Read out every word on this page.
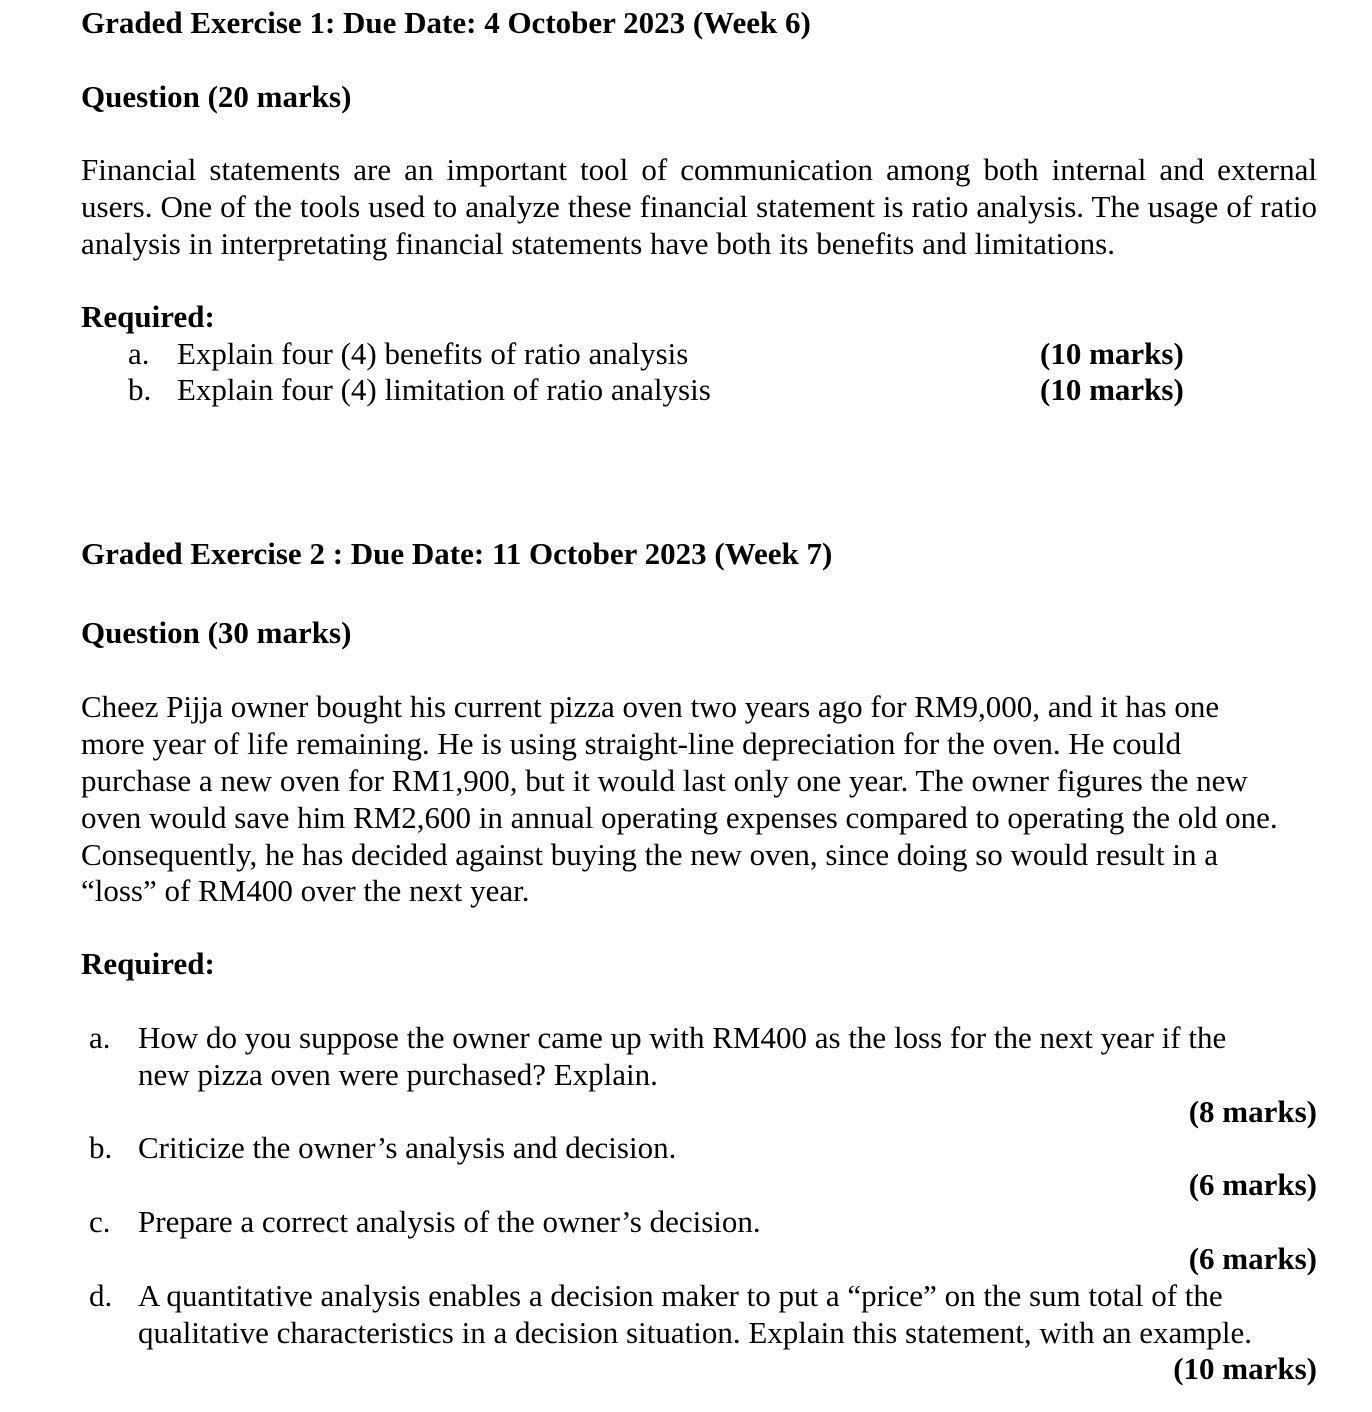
Graded Exercise 1: Due Date: 4 October 2023 (Week 6)
Question (20 marks)
Financial statements are an important tool of communication among both internal and external users. One of the tools used to analyze these financial statement is ratio analysis. The usage of ratio analysis in interpretating financial statements have both its benefits and limitations.
Required:
a. Explain four (4) benefits of ratio analysis	(10 marks)
b. Explain four (4) limitation of ratio analysis	(10 marks)
Graded Exercise 2 : Due Date: 11 October 2023 (Week 7)
Question (30 marks)
Cheez Pijja owner bought his current pizza oven two years ago for RM9,000, and it has one
more year of life remaining. He is using straight-line depreciation for the oven. He could
purchase a new oven for RM1,900, but it would last only one year. The owner figures the new
oven would save him RM2,600 in annual operating expenses compared to operating the old one.
Consequently, he has decided against buying the new oven, since doing so would result in a
“loss” of RM400 over the next year.
Required:
a. How do you suppose the owner came up with RM400 as the loss for the next year if the
new pizza oven were purchased? Explain.
(8 marks)
b. Criticize the owner’s analysis and decision.
(6 marks)
c. Prepare a correct analysis of the owner’s decision.
(6 marks)
d. A quantitative analysis enables a decision maker to put a “price” on the sum total of the
qualitative characteristics in a decision situation. Explain this statement, with an example.
(10 marks)
